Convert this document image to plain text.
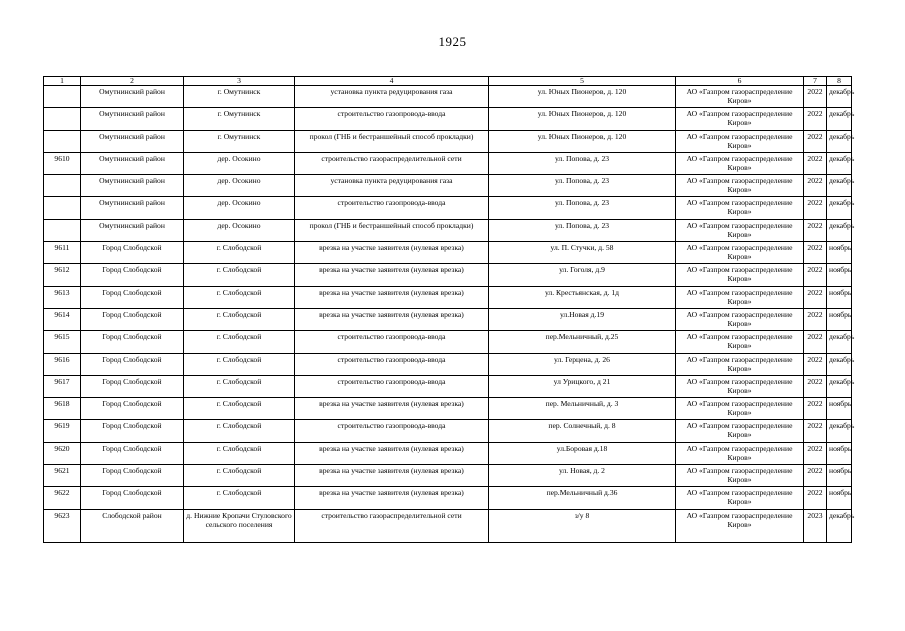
1925
1	2	3	4	5	6	7	8
	Омутнинский район	г. Омутнинск	установка пункта редуцирования газа	ул. Юных Пионеров, д. 120	АО «Газпром газораспределение Киров»	2022	декабрь
	Омутнинский район	г. Омутнинск	строительство газопровода-ввода	ул. Юных Пионеров, д. 120	АО «Газпром газораспределение Киров»	2022	декабрь
	Омутнинский район	г. Омутнинск	прокол (ГНБ и бестраншейный способ прокладки)	ул. Юных Пионеров, д. 120	АО «Газпром газораспределение Киров»	2022	декабрь
9610	Омутнинский район	дер. Осокино	строительство газораспределительной сети	ул. Попова, д. 23	АО «Газпром газораспределение Киров»	2022	декабрь
	Омутнинский район	дер. Осокино	установка пункта редуцирования газа	ул. Попова, д. 23	АО «Газпром газораспределение Киров»	2022	декабрь
	Омутнинский район	дер. Осокино	строительство газопровода-ввода	ул. Попова, д. 23	АО «Газпром газораспределение Киров»	2022	декабрь
	Омутнинский район	дер. Осокино	прокол (ГНБ и бестраншейный способ прокладки)	ул. Попова, д. 23	АО «Газпром газораспределение Киров»	2022	декабрь
9611	Город Слободской	г. Слободской	врезка на участке заявителя (нулевая врезка)	ул. П. Стучки, д. 58	АО «Газпром газораспределение Киров»	2022	ноябрь
9612	Город Слободской	г. Слободской	врезка на участке заявителя (нулевая врезка)	ул. Гоголя, д.9	АО «Газпром газораспределение Киров»	2022	ноябрь
9613	Город Слободской	г. Слободской	врезка на участке заявителя (нулевая врезка)	ул. Крестьянская, д. 1д	АО «Газпром газораспределение Киров»	2022	ноябрь
9614	Город Слободской	г. Слободской	врезка на участке заявителя (нулевая врезка)	ул.Новая д.19	АО «Газпром газораспределение Киров»	2022	ноябрь
9615	Город Слободской	г. Слободской	строительство газопровода-ввода	пер.Мельничный, д.25	АО «Газпром газораспределение Киров»	2022	декабрь
9616	Город Слободской	г. Слободской	строительство газопровода-ввода	ул. Герцена, д. 26	АО «Газпром газораспределение Киров»	2022	декабрь
9617	Город Слободской	г. Слободской	строительство газопровода-ввода	ул Урицкого, д 21	АО «Газпром газораспределение Киров»	2022	декабрь
9618	Город Слободской	г. Слободской	врезка на участке заявителя (нулевая врезка)	пер. Мельничный, д. 3	АО «Газпром газораспределение Киров»	2022	ноябрь
9619	Город Слободской	г. Слободской	строительство газопровода-ввода	пер. Солнечный, д. 8	АО «Газпром газораспределение Киров»	2022	декабрь
9620	Город Слободской	г. Слободской	врезка на участке заявителя (нулевая врезка)	ул.Боровая д.18	АО «Газпром газораспределение Киров»	2022	ноябрь
9621	Город Слободской	г. Слободской	врезка на участке заявителя (нулевая врезка)	ул. Новая, д. 2	АО «Газпром газораспределение Киров»	2022	ноябрь
9622	Город Слободской	г. Слободской	врезка на участке заявителя (нулевая врезка)	пер.Мельничный д.36	АО «Газпром газораспределение Киров»	2022	ноябрь
9623	Слободской район	д. Нижние Кропачи Стуловского сельского поселения	строительство газораспределительной сети	з/у 8	АО «Газпром газораспределение Киров»	2023	декабрь
